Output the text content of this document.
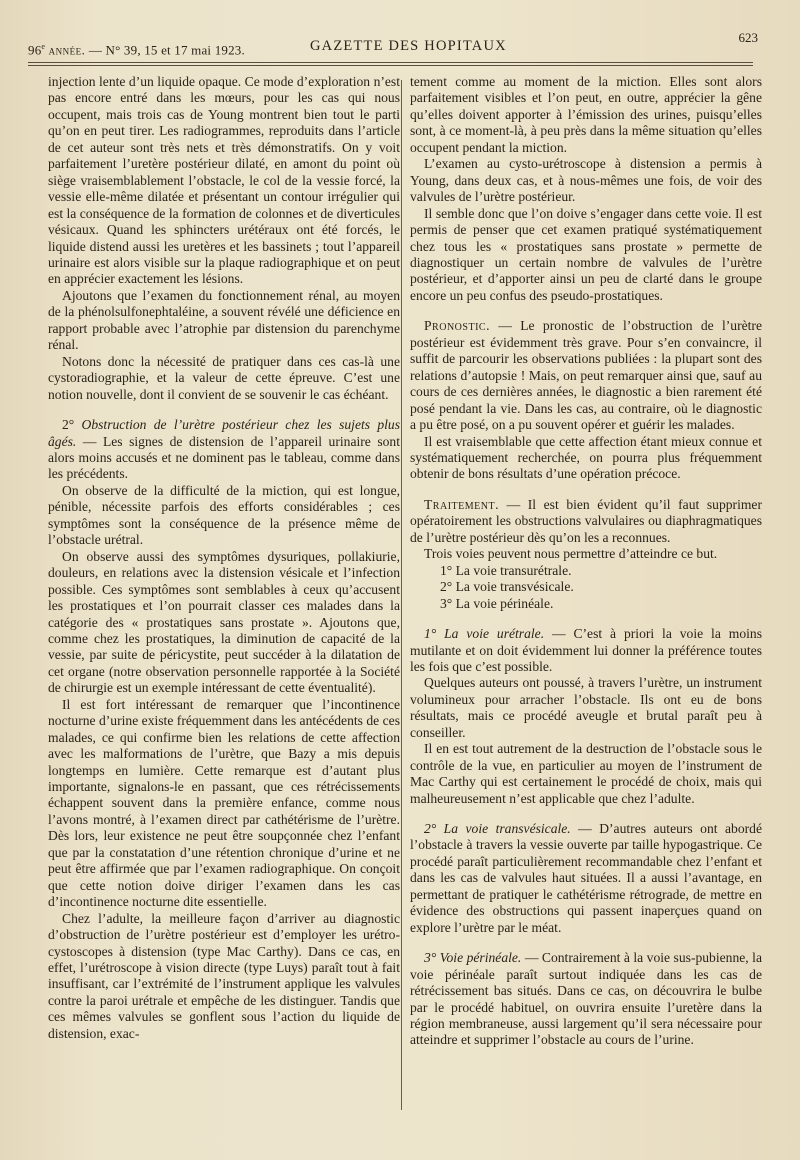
96e année. — N° 39, 15 et 17 mai 1923.	GAZETTE DES HOPITAUX
623

injection lente d’un liquide opaque. Ce mode d’exploration n’est pas encore entré dans les mœurs, pour les cas qui nous occupent, mais trois cas de Young montrent bien tout le parti qu’on en peut tirer. Les radiogrammes, reproduits dans l’article de cet auteur sont très nets et très démonstratifs. On y voit parfaitement l’uretère postérieur dilaté, en amont du point où siège vraisemblablement l’obstacle, le col de la vessie forcé, la vessie elle-même dilatée et présentant un contour irrégulier qui est la conséquence de la formation de colonnes et de diverticules vésicaux. Quand les sphincters urétéraux ont été forcés, le liquide distend aussi les uretères et les bassinets ; tout l’appareil urinaire est alors visible sur la plaque radiographique et on peut en apprécier exactement les lésions.

Ajoutons que l’examen du fonctionnement rénal, au moyen de la phénolsulfonephtaléine, a souvent révélé une déficience en rapport probable avec l’atrophie par distension du parenchyme rénal.

Notons donc la nécessité de pratiquer dans ces cas-là une cystoradiographie, et la valeur de cette épreuve. C’est une notion nouvelle, dont il convient de se souvenir le cas échéant.

2° Obstruction de l’urètre postérieur chez les sujets plus âgés. — Les signes de distension de l’appareil urinaire sont alors moins accusés et ne dominent pas le tableau, comme dans les précédents.

On observe de la difficulté de la miction, qui est longue, pénible, nécessite parfois des efforts considérables ; ces symptômes sont la conséquence de la présence même de l’obstacle urétral.

On observe aussi des symptômes dysuriques, pollakiurie, douleurs, en relations avec la distension vésicale et l’infection possible. Ces symptômes sont semblables à ceux qu’accusent les prostatiques et l’on pourrait classer ces malades dans la catégorie des « prostatiques sans prostate ». Ajoutons que, comme chez les prostatiques, la diminution de capacité de la vessie, par suite de péricystite, peut succéder à la dilatation de cet organe (notre observation personnelle rapportée à la Société de chirurgie est un exemple intéressant de cette éventualité).

Il est fort intéressant de remarquer que l’incontinence nocturne d’urine existe fréquemment dans les antécédents de ces malades, ce qui confirme bien les relations de cette affection avec les malformations de l’urètre, que Bazy a mis depuis longtemps en lumière. Cette remarque est d’autant plus importante, signalons-le en passant, que ces rétrécissements échappent souvent dans la première enfance, comme nous l’avons montré, à l’examen direct par cathétérisme de l’urètre. Dès lors, leur existence ne peut être soupçonnée chez l’enfant que par la constatation d’une rétention chronique d’urine et ne peut être affirmée que par l’examen radiographique. On conçoit que cette notion doive diriger l’examen dans les cas d’incontinence nocturne dite essentielle.

Chez l’adulte, la meilleure façon d’arriver au diagnostic d’obstruction de l’urètre postérieur est d’employer les urétro-cystoscopes à distension (type Mac Carthy). Dans ce cas, en effet, l’urétroscope à vision directe (type Luys) paraît tout à fait insuffisant, car l’extrémité de l’instrument applique les valvules contre la paroi urétrale et empêche de les distinguer. Tandis que ces mêmes valvules se gonflent sous l’action du liquide de distension, exac-

tement comme au moment de la miction. Elles sont alors parfaitement visibles et l’on peut, en outre, apprécier la gêne qu’elles doivent apporter à l’émission des urines, puisqu’elles sont, à ce moment-là, à peu près dans la même situation qu’elles occupent pendant la miction.

L’examen au cysto-urétroscope à distension a permis à Young, dans deux cas, et à nous-mêmes une fois, de voir des valvules de l’urètre postérieur.

Il semble donc que l’on doive s’engager dans cette voie. Il est permis de penser que cet examen pratiqué systématiquement chez tous les « prostatiques sans prostate » permette de diagnostiquer un certain nombre de valvules de l’urètre postérieur, et d’apporter ainsi un peu de clarté dans le groupe encore un peu confus des pseudo-prostatiques.

Pronostic. — Le pronostic de l’obstruction de l’urètre postérieur est évidemment très grave. Pour s’en convaincre, il suffit de parcourir les observations publiées : la plupart sont des relations d’autopsie ! Mais, on peut remarquer ainsi que, sauf au cours de ces dernières années, le diagnostic a bien rarement été posé pendant la vie. Dans les cas, au contraire, où le diagnostic a pu être posé, on a pu souvent opérer et guérir les malades.

Il est vraisemblable que cette affection étant mieux connue et systématiquement recherchée, on pourra plus fréquemment obtenir de bons résultats d’une opération précoce.

Traitement. — Il est bien évident qu’il faut supprimer opératoirement les obstructions valvulaires ou diaphragmatiques de l’urètre postérieur dès qu’on les a reconnues.

Trois voies peuvent nous permettre d’atteindre ce but.

1° La voie transurétrale.

2° La voie transvésicale.

3° La voie périnéale.

1° La voie urétrale. — C’est à priori la voie la moins mutilante et on doit évidemment lui donner la préférence toutes les fois que c’est possible.

Quelques auteurs ont poussé, à travers l’urètre, un instrument volumineux pour arracher l’obstacle. Ils ont eu de bons résultats, mais ce procédé aveugle et brutal paraît peu à conseiller.

Il en est tout autrement de la destruction de l’obstacle sous le contrôle de la vue, en particulier au moyen de l’instrument de Mac Carthy qui est certainement le procédé de choix, mais qui malheureusement n’est applicable que chez l’adulte.

2° La voie transvésicale. — D’autres auteurs ont abordé l’obstacle à travers la vessie ouverte par taille hypogastrique. Ce procédé paraît particulièrement recommandable chez l’enfant et dans les cas de valvules haut situées. Il a aussi l’avantage, en permettant de pratiquer le cathétérisme rétrograde, de mettre en évidence des obstructions qui passent inaperçues quand on explore l’urètre par le méat.

3° Voie périnéale. — Contrairement à la voie sus-pubienne, la voie périnéale paraît surtout indiquée dans les cas de rétrécissement bas situés. Dans ce cas, on découvrira le bulbe par le procédé habituel, on ouvrira ensuite l’uretère dans la région membraneuse, aussi largement qu’il sera nécessaire pour atteindre et supprimer l’obstacle au cours de l’urine.
